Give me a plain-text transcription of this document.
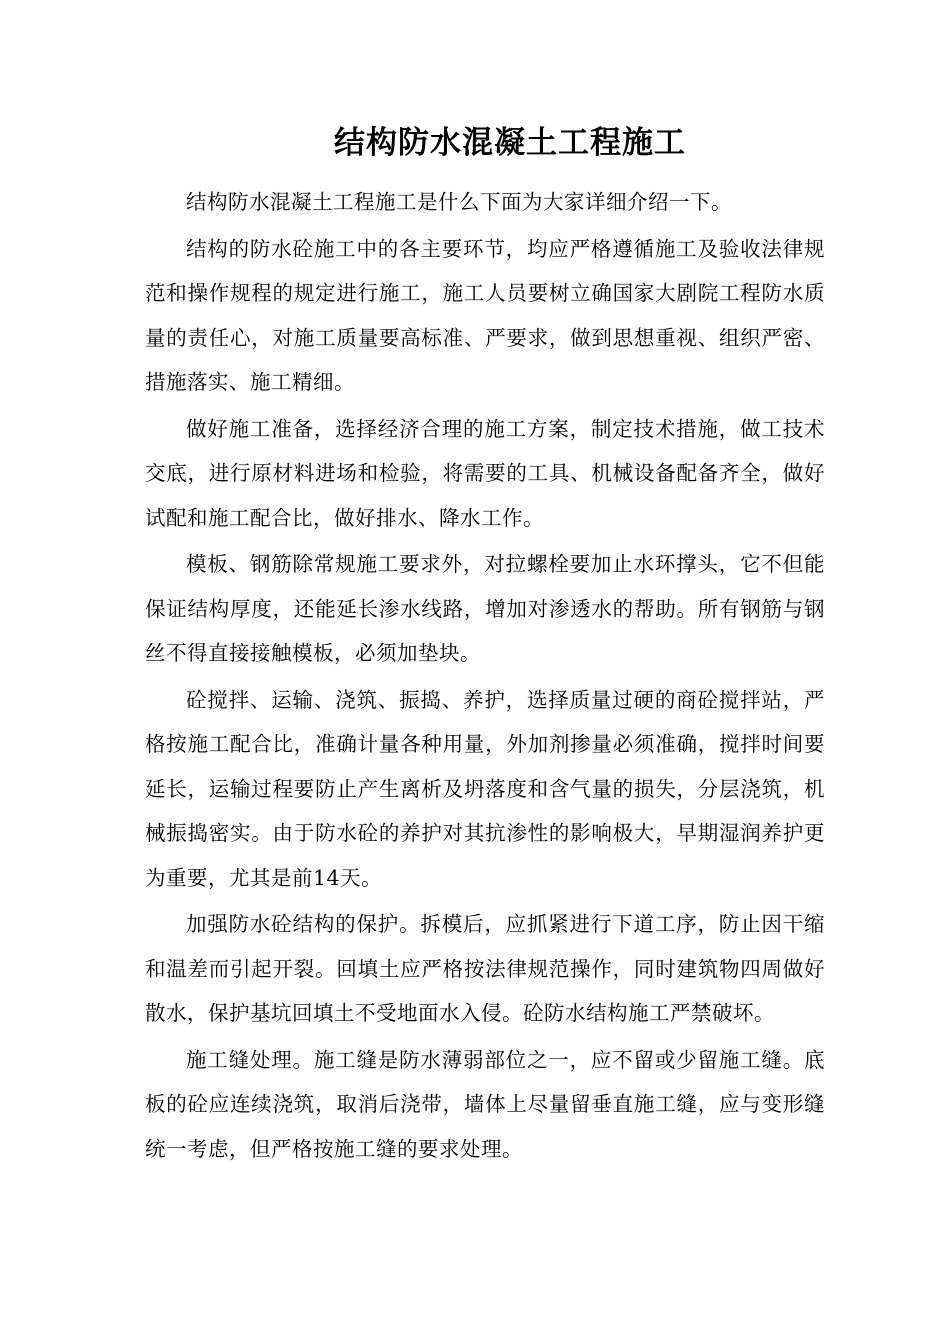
结构防水混凝土工程施工

结构防水混凝土工程施工是什么下面为大家详细介绍一下。

结构的防水砼施工中的各主要环节，均应严格遵循施工及验收法律规范和操作规程的规定进行施工，施工人员要树立确国家大剧院工程防水质量的责任心，对施工质量要高标准、严要求，做到思想重视、组织严密、措施落实、施工精细。

做好施工准备，选择经济合理的施工方案，制定技术措施，做工技术交底，进行原材料进场和检验，将需要的工具、机械设备配备齐全，做好试配和施工配合比，做好排水、降水工作。

模板、钢筋除常规施工要求外，对拉螺栓要加止水环撑头，它不但能保证结构厚度，还能延长渗水线路，增加对渗透水的帮助。所有钢筋与钢丝不得直接接触模板，必须加垫块。

砼搅拌、运输、浇筑、振捣、养护，选择质量过硬的商砼搅拌站，严格按施工配合比，准确计量各种用量，外加剂掺量必须准确，搅拌时间要延长，运输过程要防止产生离析及坍落度和含气量的损失，分层浇筑，机械振捣密实。由于防水砼的养护对其抗渗性的影响极大，早期湿润养护更为重要，尤其是前14天。

加强防水砼结构的保护。拆模后，应抓紧进行下道工序，防止因干缩和温差而引起开裂。回填土应严格按法律规范操作，同时建筑物四周做好散水，保护基坑回填土不受地面水入侵。砼防水结构施工严禁破坏。

施工缝处理。施工缝是防水薄弱部位之一，应不留或少留施工缝。底板的砼应连续浇筑，取消后浇带，墙体上尽量留垂直施工缝，应与变形缝统一考虑，但严格按施工缝的要求处理。
